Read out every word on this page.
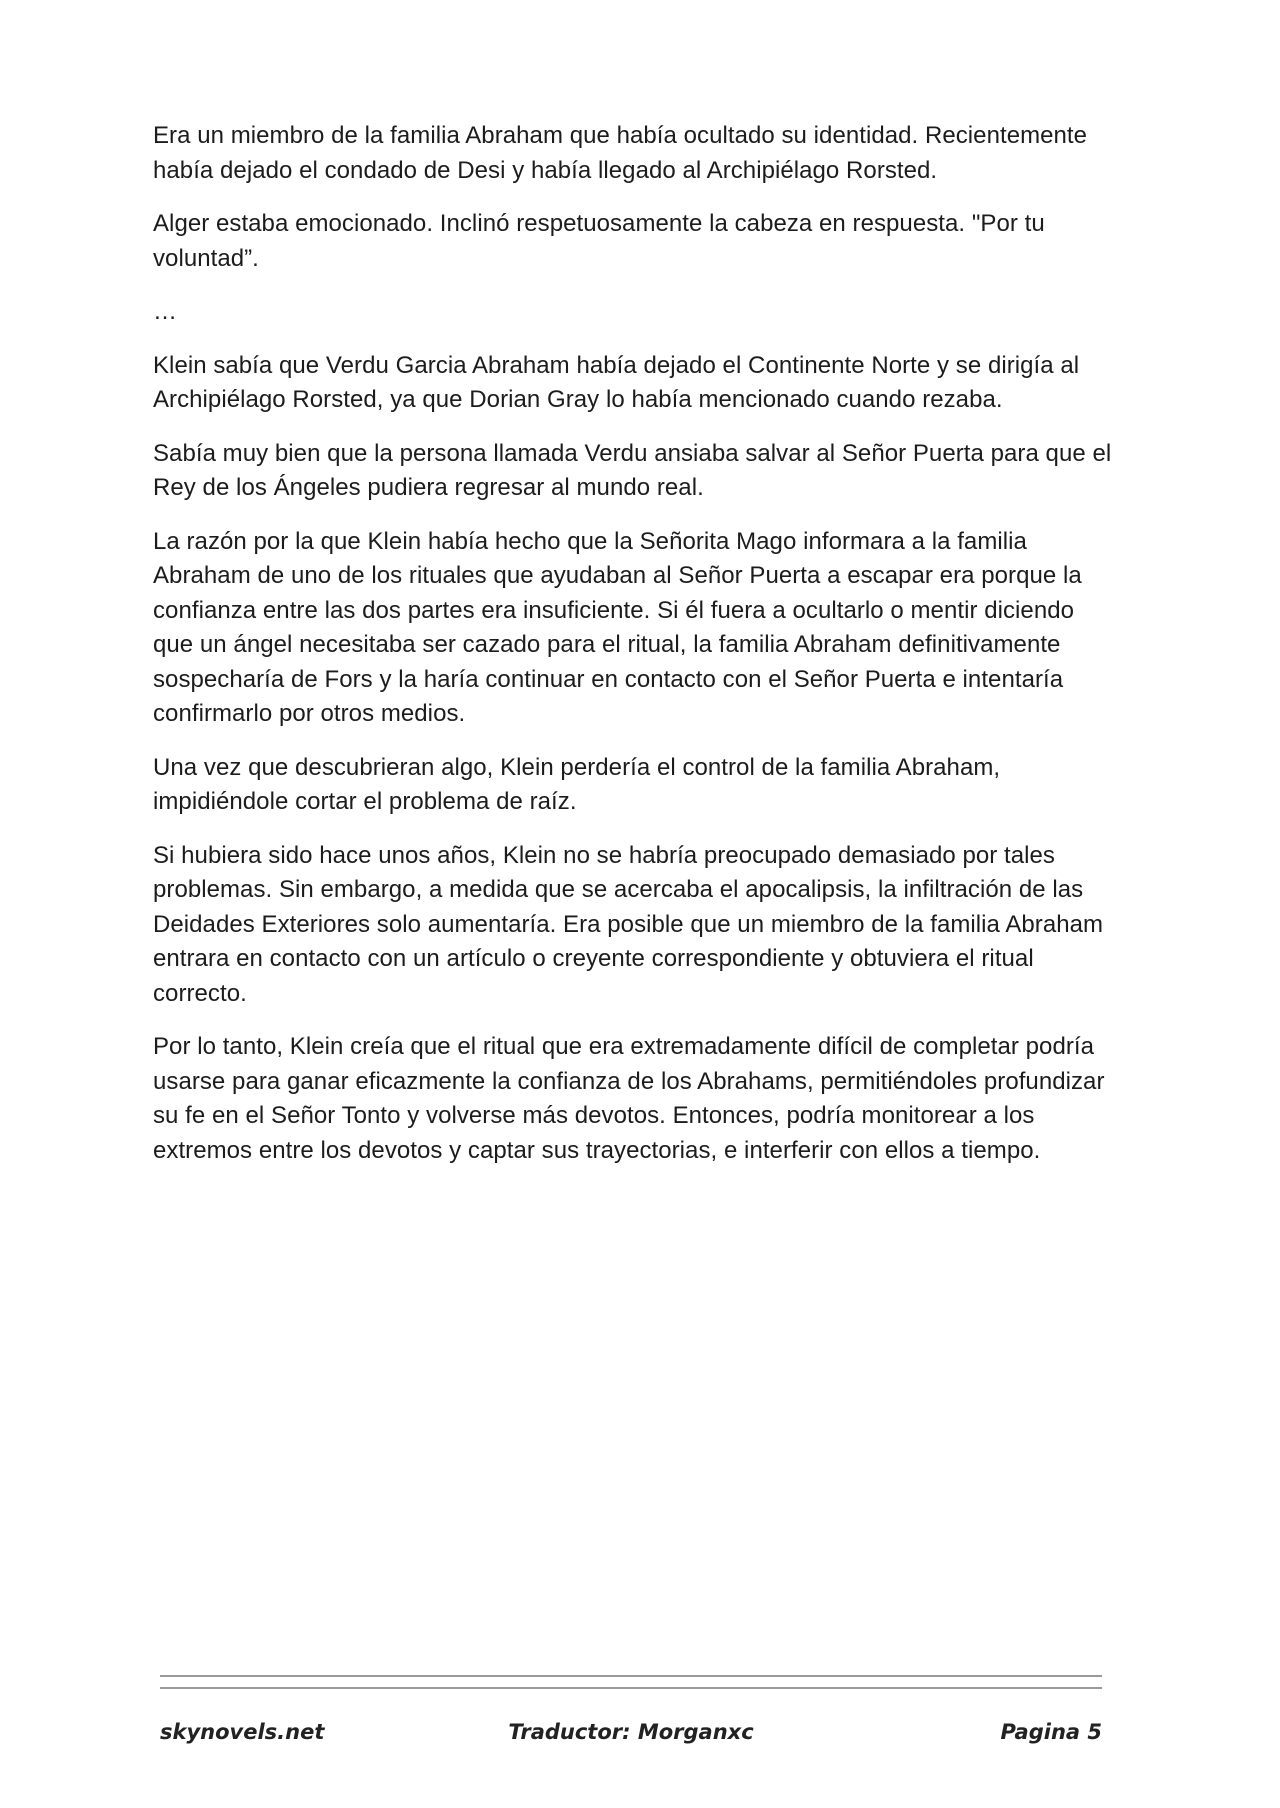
Era un miembro de la familia Abraham que había ocultado su identidad. Recientemente había dejado el condado de Desi y había llegado al Archipiélago Rorsted.

Alger estaba emocionado. Inclinó respetuosamente la cabeza en respuesta. "Por tu voluntad”.

…

Klein sabía que Verdu Garcia Abraham había dejado el Continente Norte y se dirigía al Archipiélago Rorsted, ya que Dorian Gray lo había mencionado cuando rezaba.

Sabía muy bien que la persona llamada Verdu ansiaba salvar al Señor Puerta para que el Rey de los Ángeles pudiera regresar al mundo real.

La razón por la que Klein había hecho que la Señorita Mago informara a la familia Abraham de uno de los rituales que ayudaban al Señor Puerta a escapar era porque la confianza entre las dos partes era insuficiente. Si él fuera a ocultarlo o mentir diciendo que un ángel necesitaba ser cazado para el ritual, la familia Abraham definitivamente sospecharía de Fors y la haría continuar en contacto con el Señor Puerta e intentaría confirmarlo por otros medios.

Una vez que descubrieran algo, Klein perdería el control de la familia Abraham, impidiéndole cortar el problema de raíz.

Si hubiera sido hace unos años, Klein no se habría preocupado demasiado por tales problemas. Sin embargo, a medida que se acercaba el apocalipsis, la infiltración de las Deidades Exteriores solo aumentaría. Era posible que un miembro de la familia Abraham entrara en contacto con un artículo o creyente correspondiente y obtuviera el ritual correcto.

Por lo tanto, Klein creía que el ritual que era extremadamente difícil de completar podría usarse para ganar eficazmente la confianza de los Abrahams, permitiéndoles profundizar su fe en el Señor Tonto y volverse más devotos. Entonces, podría monitorear a los extremos entre los devotos y captar sus trayectorias, e interferir con ellos a tiempo.

skynovels.net	Traductor: Morganxc	Pagina 5
